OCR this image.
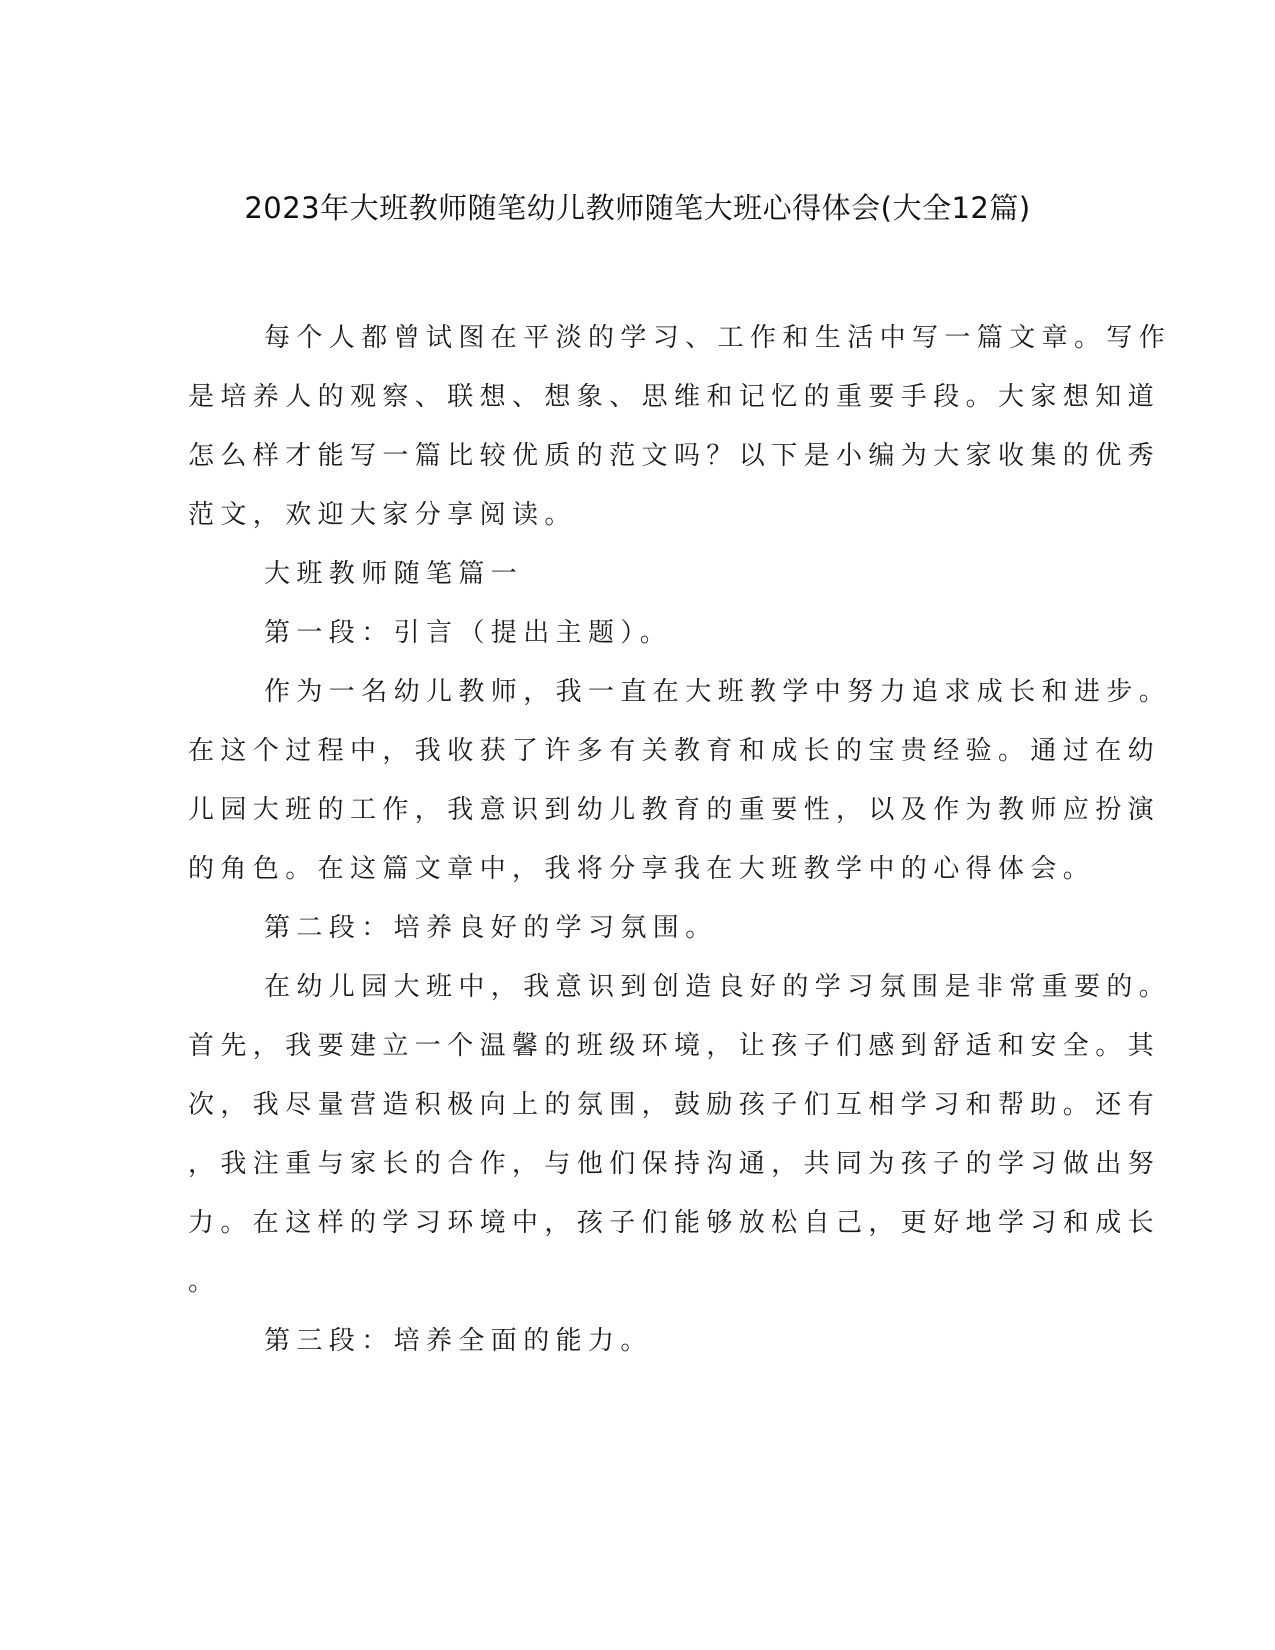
2023年大班教师随笔幼儿教师随笔大班心得体会(大全12篇)
每个人都曾试图在平淡的学习、工作和生活中写一篇文章。写作
是培养人的观察、联想、想象、思维和记忆的重要手段。大家想知道
怎么样才能写一篇比较优质的范文吗？以下是小编为大家收集的优秀
范文，欢迎大家分享阅读。
大班教师随笔篇一
第一段：引言（提出主题）。
作为一名幼儿教师，我一直在大班教学中努力追求成长和进步。
在这个过程中，我收获了许多有关教育和成长的宝贵经验。通过在幼
儿园大班的工作，我意识到幼儿教育的重要性，以及作为教师应扮演
的角色。在这篇文章中，我将分享我在大班教学中的心得体会。
第二段：培养良好的学习氛围。
在幼儿园大班中，我意识到创造良好的学习氛围是非常重要的。
首先，我要建立一个温馨的班级环境，让孩子们感到舒适和安全。其
次，我尽量营造积极向上的氛围，鼓励孩子们互相学习和帮助。还有
，我注重与家长的合作，与他们保持沟通，共同为孩子的学习做出努
力。在这样的学习环境中，孩子们能够放松自己，更好地学习和成长
。
第三段：培养全面的能力。
